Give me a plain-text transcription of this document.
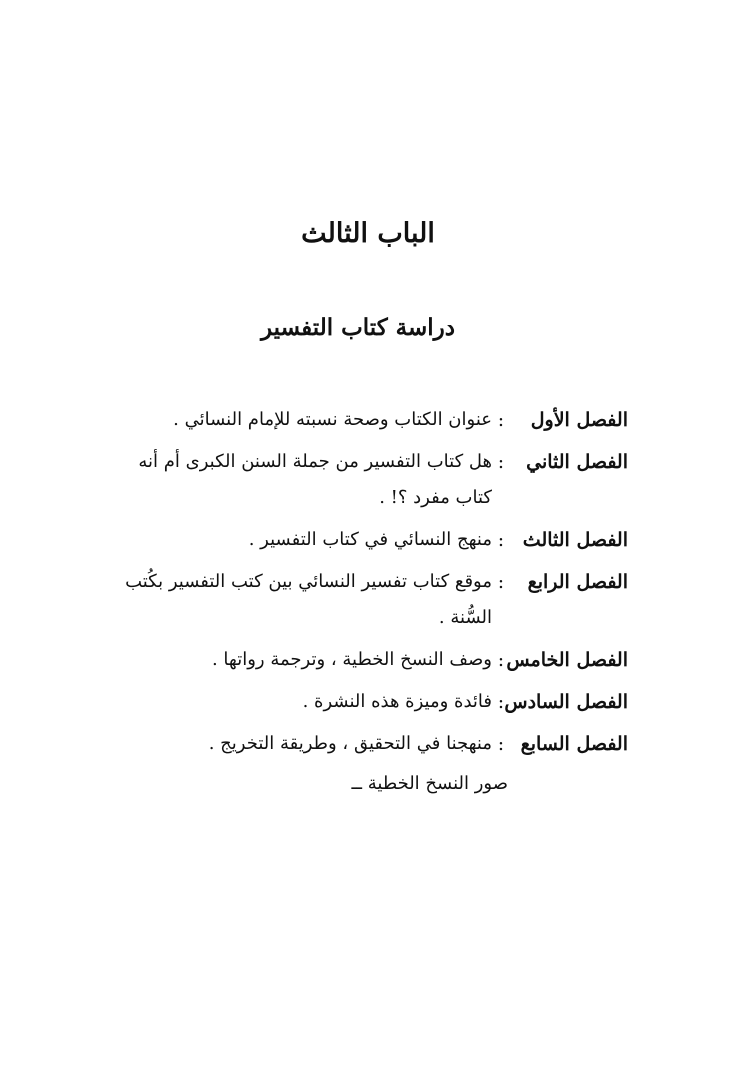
الباب الثالث
دراسة كتاب التفسير
الفصل الأول
:
عنوان الكتاب وصحة نسبته للإمام النسائي .
الفصل الثاني
:
هل كتاب التفسير من جملة السنن الكبرى أم أنه كتاب مفرد ؟! .
الفصل الثالث
:
منهج النسائي في كتاب التفسير .
الفصل الرابع
:
موقع كتاب تفسير النسائي بين كتب التفسير بكُتب السُّنة .
الفصل الخامس
:
وصف النسخ الخطية ، وترجمة رواتها .
الفصل السادس
:
فائدة وميزة هذه النشرة .
الفصل السابع
:
منهجنا في التحقيق ، وطريقة التخريج .
صور النسخ الخطية ــ
